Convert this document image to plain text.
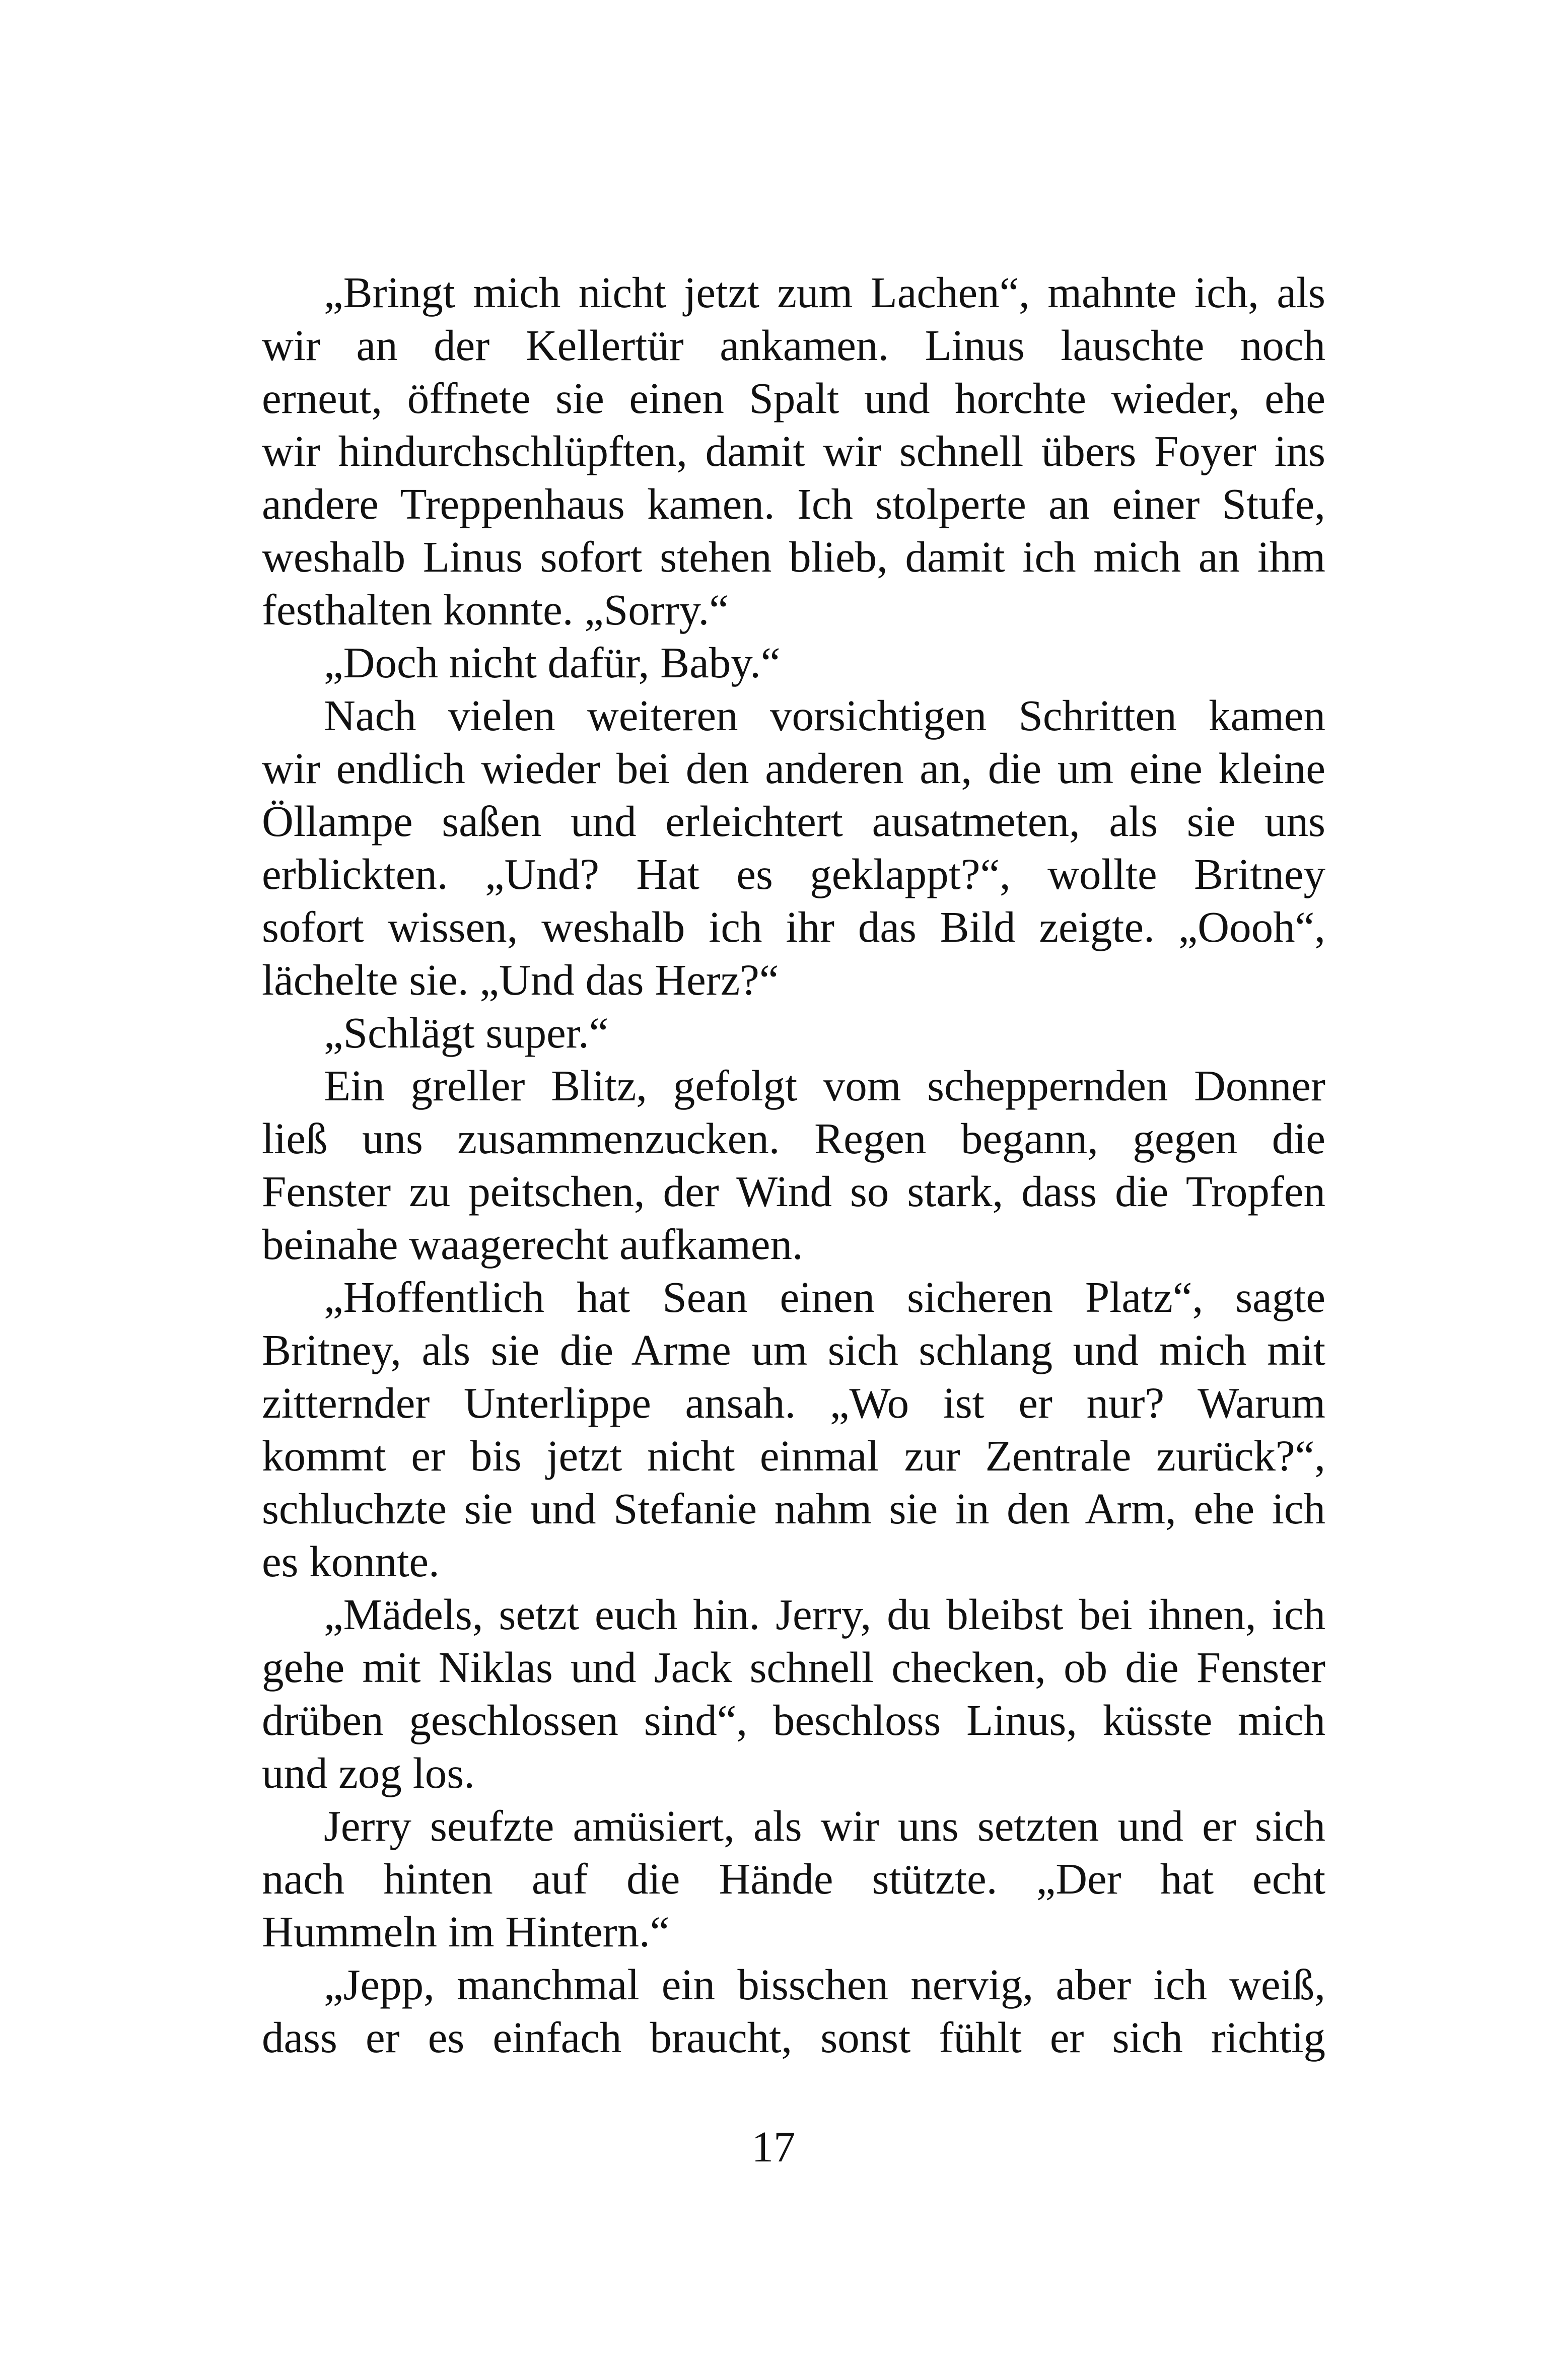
„Bringt mich nicht jetzt zum Lachen“, mahnte ich, als
wir an der Kellertür ankamen. Linus lauschte noch
erneut, öffnete sie einen Spalt und horchte wieder, ehe
wir hindurchschlüpften, damit wir schnell übers Foyer ins
andere Treppenhaus kamen. Ich stolperte an einer Stufe,
weshalb Linus sofort stehen blieb, damit ich mich an ihm
festhalten konnte. „Sorry.“
„Doch nicht dafür, Baby.“
Nach vielen weiteren vorsichtigen Schritten kamen
wir endlich wieder bei den anderen an, die um eine kleine
Öllampe saßen und erleichtert ausatmeten, als sie uns
erblickten. „Und? Hat es geklappt?“, wollte Britney
sofort wissen, weshalb ich ihr das Bild zeigte. „Oooh“,
lächelte sie. „Und das Herz?“
„Schlägt super.“
Ein greller Blitz, gefolgt vom scheppernden Donner
ließ uns zusammenzucken. Regen begann, gegen die
Fenster zu peitschen, der Wind so stark, dass die Tropfen
beinahe waagerecht aufkamen.
„Hoffentlich hat Sean einen sicheren Platz“, sagte
Britney, als sie die Arme um sich schlang und mich mit
zitternder Unterlippe ansah. „Wo ist er nur? Warum
kommt er bis jetzt nicht einmal zur Zentrale zurück?“,
schluchzte sie und Stefanie nahm sie in den Arm, ehe ich
es konnte.
„Mädels, setzt euch hin. Jerry, du bleibst bei ihnen, ich
gehe mit Niklas und Jack schnell checken, ob die Fenster
drüben geschlossen sind“, beschloss Linus, küsste mich
und zog los.
Jerry seufzte amüsiert, als wir uns setzten und er sich
nach hinten auf die Hände stützte. „Der hat echt
Hummeln im Hintern.“
„Jepp, manchmal ein bisschen nervig, aber ich weiß,
dass er es einfach braucht, sonst fühlt er sich richtig
17
